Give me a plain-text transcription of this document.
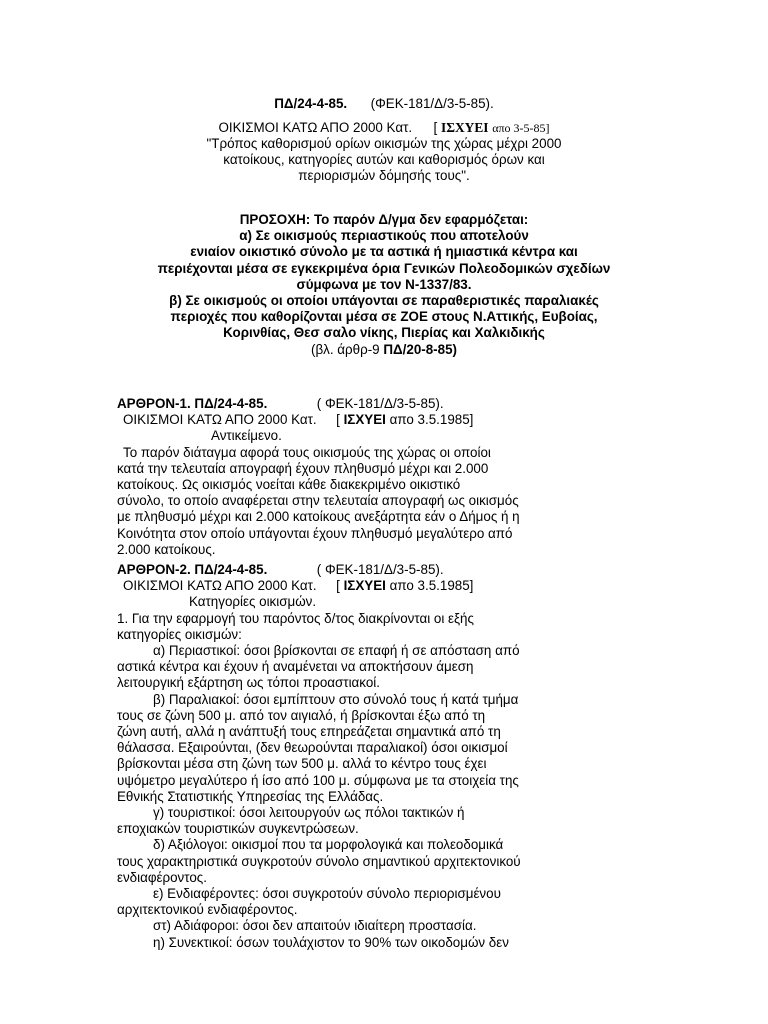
ΠΔ/24-4-85. (ΦΕΚ-181/Δ/3-5-85).
ΟΙΚΙΣΜΟΙ ΚΑΤΩ ΑΠΟ 2000 Κατ. [ ΙΣΧΥΕΙ απο 3-5-85]
"Τρόπος καθορισμού ορίων οικισμών της χώρας μέχρι 2000
κατοίκους, κατηγορίες αυτών και καθορισμός όρων και
περιορισμών δόμησής τους".
ΠΡΟΣΟΧΗ: Το παρόν Δ/γμα δεν εφαρμόζεται:
α) Σε οικισμούς περιαστικούς που αποτελούν
ενιαίον οικιστικό σύνολο με τα αστικά ή ημιαστικά κέντρα και
περιέχονται μέσα σε εγκεκριμένα όρια Γενικών Πολεοδομικών σχεδίων
σύμφωνα με τον Ν-1337/83.
β) Σε οικισμούς οι οποίοι υπάγονται σε παραθεριστικές παραλιακές
περιοχές που καθορίζονται μέσα σε ΖΟΕ στους Ν.Αττικής, Ευβοίας,
Κορινθίας, Θεσ σαλο νίκης, Πιερίας και Χαλκιδικής
(βλ. άρθρ-9 ΠΔ/20-8-85)
ΑΡΘΡΟΝ-1. ΠΔ/24-4-85.	( ΦΕΚ-181/Δ/3-5-85).
ΟΙΚΙΣΜΟΙ ΚΑΤΩ ΑΠΟ 2000 Κατ. [ ΙΣΧΥΕΙ απο 3.5.1985]
Αντικείμενο.
Το παρόν διάταγμα αφορά τους οικισμούς της χώρας οι οποίοι
κατά την τελευταία απογραφή έχουν πληθυσμό μέχρι και 2.000
κατοίκους. Ως οικισμός νοείται κάθε διακεκριμένο οικιστικό
σύνολο, το οποίο αναφέρεται στην τελευταία απογραφή ως οικισμός
με πληθυσμό μέχρι και 2.000 κατοίκους ανεξάρτητα εάν ο Δήμος ή η
Κοινότητα στον οποίο υπάγονται έχουν πληθυσμό μεγαλύτερο από
2.000 κατοίκους.
ΑΡΘΡΟΝ-2. ΠΔ/24-4-85.	( ΦΕΚ-181/Δ/3-5-85).
ΟΙΚΙΣΜΟΙ ΚΑΤΩ ΑΠΟ 2000 Κατ. [ ΙΣΧΥΕΙ απο 3.5.1985]
Κατηγορίες οικισμών.
1. Για την εφαρμογή του παρόντος δ/τος διακρίνονται οι εξής
κατηγορίες οικισμών:
α) Περιαστικοί: όσοι βρίσκονται σε επαφή ή σε απόσταση από
αστικά κέντρα και έχουν ή αναμένεται να αποκτήσουν άμεση
λειτουργική εξάρτηση ως τόποι προαστιακοί.
β) Παραλιακοί: όσοι εμπίπτουν στο σύνολό τους ή κατά τμήμα
τους σε ζώνη 500 μ. από τον αιγιαλό, ή βρίσκονται έξω από τη
ζώνη αυτή, αλλά η ανάπτυξή τους επηρεάζεται σημαντικά από τη
θάλασσα. Εξαιρούνται, (δεν θεωρούνται παραλιακοί) όσοι οικισμοί
βρίσκονται μέσα στη ζώνη των 500 μ. αλλά το κέντρο τους έχει
υψόμετρο μεγαλύτερο ή ίσο από 100 μ. σύμφωνα με τα στοιχεία της
Εθνικής Στατιστικής Υπηρεσίας της Ελλάδας.
γ) τουριστικοί: όσοι λειτουργούν ως πόλοι τακτικών ή
εποχιακών τουριστικών συγκεντρώσεων.
δ) Αξιόλογοι: οικισμοί που τα μορφολογικά και πολεοδομικά
τους χαρακτηριστικά συγκροτούν σύνολο σημαντικού αρχιτεκτονικού
ενδιαφέροντος.
ε) Ενδιαφέροντες: όσοι συγκροτούν σύνολο περιορισμένου
αρχιτεκτονικού ενδιαφέροντος.
στ) Αδιάφοροι: όσοι δεν απαιτούν ιδιαίτερη προστασία.
η) Συνεκτικοί: όσων τουλάχιστον το 90% των οικοδομών δεν
